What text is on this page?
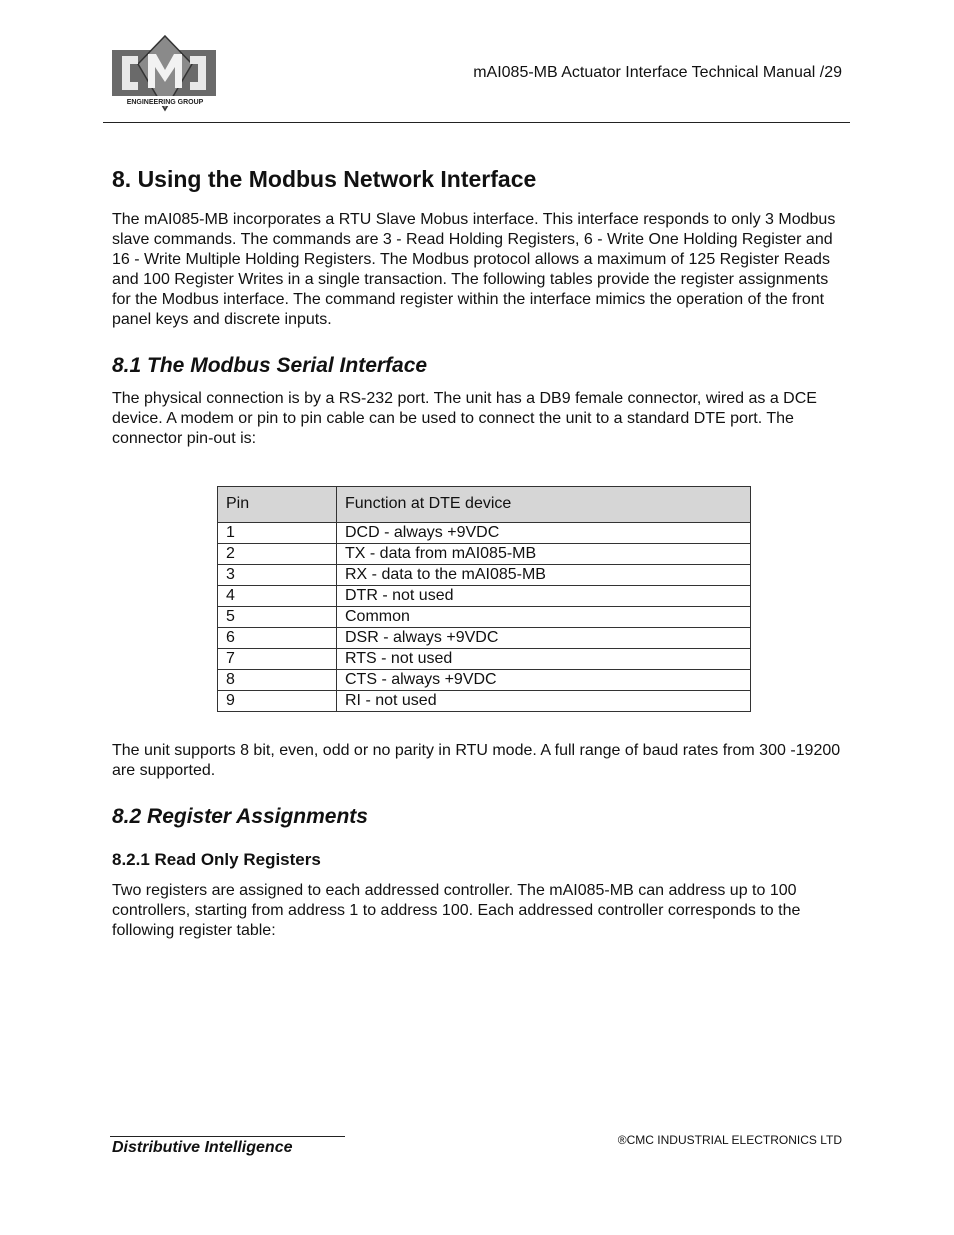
ENGINEERING GROUP
mAI085-MB Actuator Interface Technical Manual /29
8. Using the Modbus Network Interface

The mAI085-MB incorporates a RTU Slave Mobus interface. This interface responds to only 3 Modbus slave commands. The commands are 3 - Read Holding Registers, 6 - Write One Holding Register and 16 - Write Multiple Holding Registers. The Modbus protocol allows a maximum of 125 Register Reads and 100 Register Writes in a single transaction. The following tables provide the register assignments for the Modbus interface. The command register within the interface mimics the operation of the front panel keys and discrete inputs.

8.1 The Modbus Serial Interface

The physical connection is by a RS-232 port. The unit has a DB9 female connector, wired as a DCE device. A modem or pin to pin cable can be used to connect the unit to a standard DTE port. The connector pin-out is:

Pin	Function at DTE device
1	DCD - always +9VDC
2	TX - data from mAI085-MB
3	RX - data to the mAI085-MB
4	DTR - not used
5	Common
6	DSR - always +9VDC
7	RTS - not used
8	CTS - always +9VDC
9	RI - not used

The unit supports 8 bit, even, odd or no parity in RTU mode. A full range of baud rates from 300 -19200 are supported.

8.2 Register Assignments
8.2.1 Read Only Registers

Two registers are assigned to each addressed controller. The mAI085-MB can address up to 100 controllers, starting from address 1 to address 100. Each addressed controller corresponds to the following register table:

Distributive Intelligence	®CMC INDUSTRIAL ELECTRONICS LTD
